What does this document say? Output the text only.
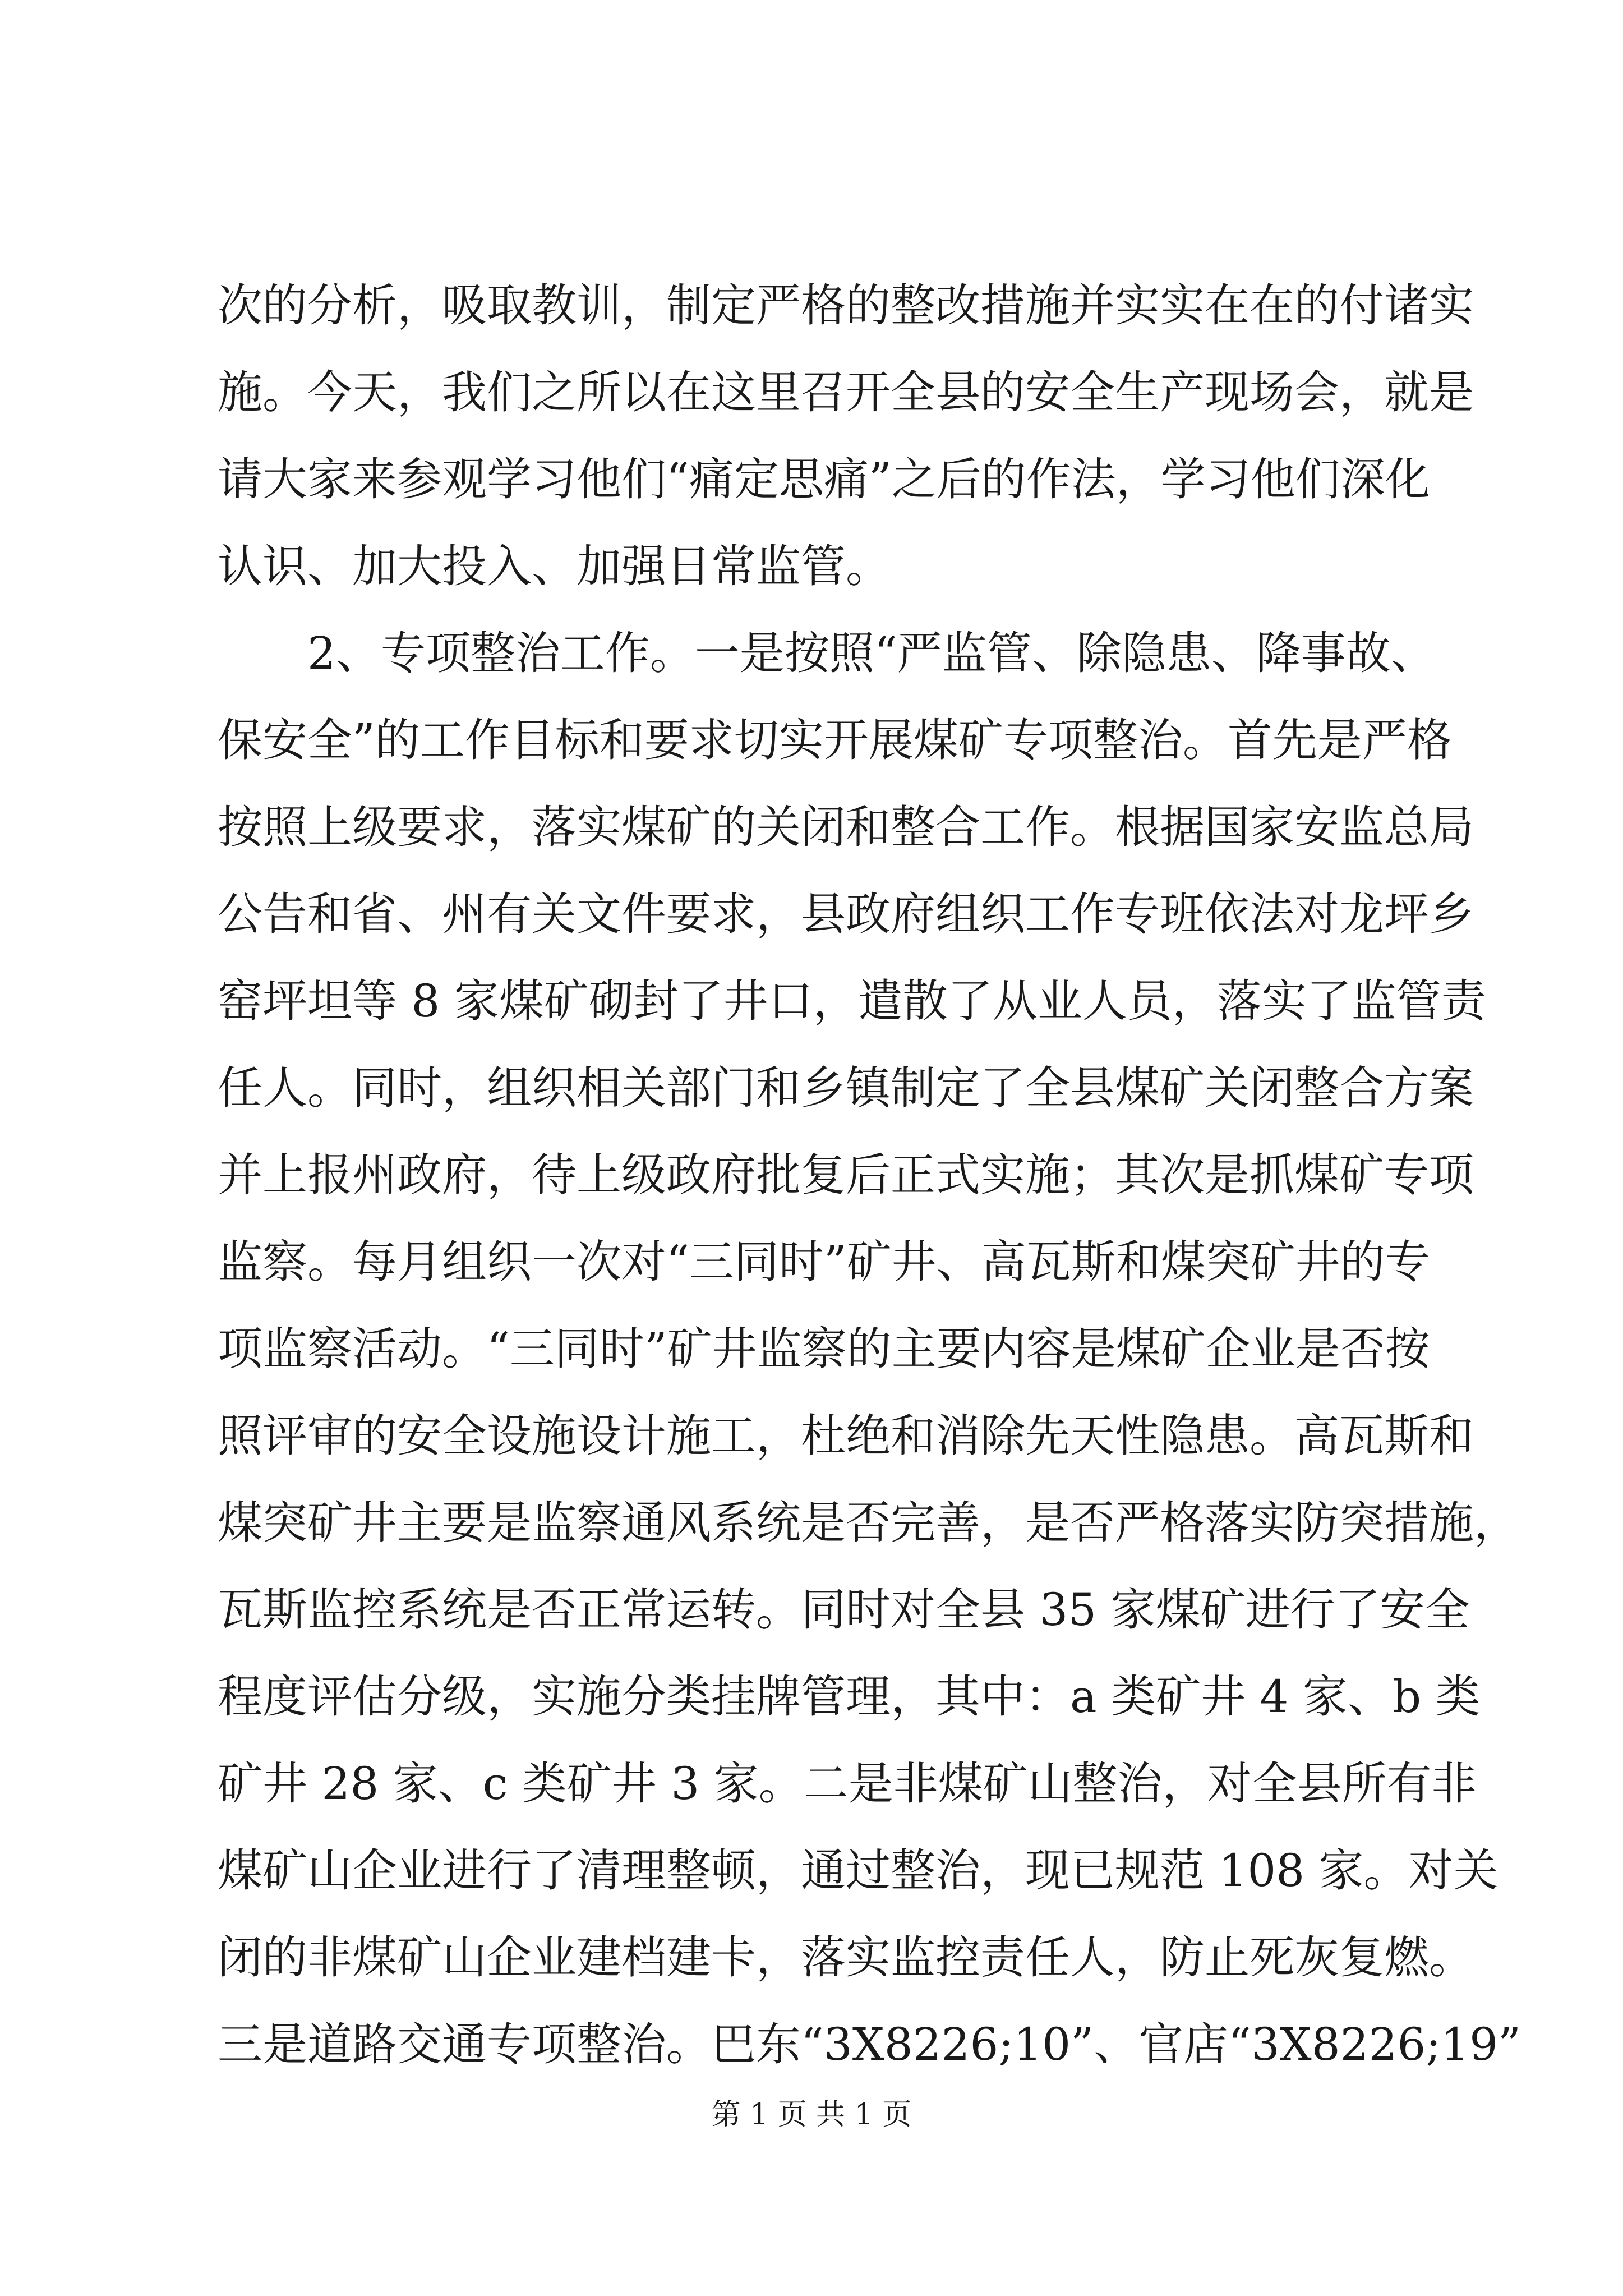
次的分析，吸取教训，制定严格的整改措施并实实在在的付诸实
施。今天，我们之所以在这里召开全县的安全生产现场会，就是
请大家来参观学习他们“痛定思痛”之后的作法，学习他们深化
认识、加大投入、加强日常监管。
2、专项整治工作。一是按照“严监管、除隐患、降事故、
保安全”的工作目标和要求切实开展煤矿专项整治。首先是严格
按照上级要求，落实煤矿的关闭和整合工作。根据国家安监总局
公告和省、州有关文件要求，县政府组织工作专班依法对龙坪乡
窑坪坦等 8 家煤矿砌封了井口，遣散了从业人员，落实了监管责
任人。同时，组织相关部门和乡镇制定了全县煤矿关闭整合方案
并上报州政府，待上级政府批复后正式实施；其次是抓煤矿专项
监察。每月组织一次对“三同时”矿井、高瓦斯和煤突矿井的专
项监察活动。“三同时”矿井监察的主要内容是煤矿企业是否按
照评审的安全设施设计施工，杜绝和消除先天性隐患。高瓦斯和
煤突矿井主要是监察通风系统是否完善，是否严格落实防突措施，
瓦斯监控系统是否正常运转。同时对全县 35 家煤矿进行了安全
程度评估分级，实施分类挂牌管理，其中：a 类矿井 4 家、b 类
矿井 28 家、c 类矿井 3 家。二是非煤矿山整治，对全县所有非
煤矿山企业进行了清理整顿，通过整治，现已规范 108 家。对关
闭的非煤矿山企业建档建卡，落实监控责任人，防止死灰复燃。
三是道路交通专项整治。巴东“3X8226;10”、官店“3X8226;19”
第 1 页 共 1 页
